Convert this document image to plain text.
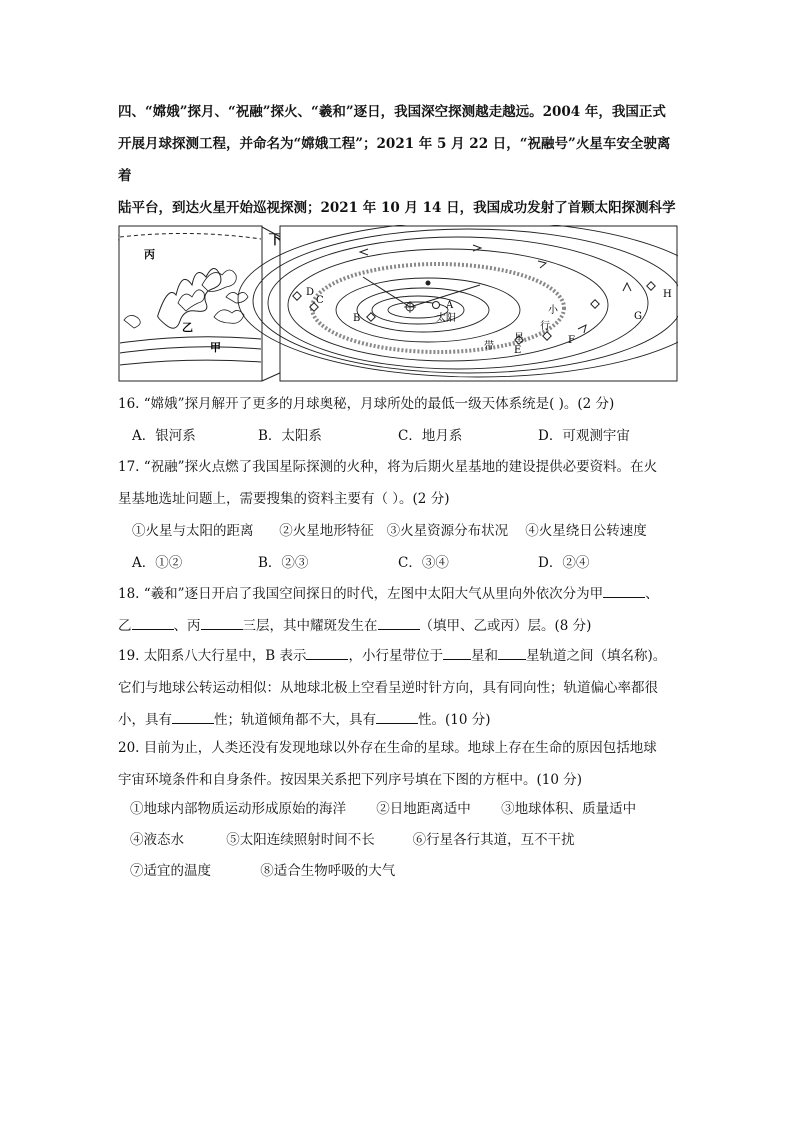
四、“嫦娥”探月、“祝融”探火、“羲和”逐日，我国深空探测越走越远。2004 年，我国正式

开展月球探测工程，并命名为“嫦娥工程”；2021 年 5 月 22 日，“祝融号”火星车安全驶离着

陆平台，到达火星开始巡视探测；2021 年 10 月 14 日，我国成功发射了首颗太阳探测科学

丙
乙
甲
A
太阳
B
C
D
E
F
G
H
小
行
星
带

16. “嫦娥”探月解开了更多的月球奥秘，月球所处的最低一级天体系统是( )。(2 分)

A．银河系	B．太阳系	C．地月系	D．可观测宇宙

17. “祝融”探火点燃了我国星际探测的火种，将为后期火星基地的建设提供必要资料。在火

星基地选址问题上，需要搜集的资料主要有（ ）。(2 分)

①火星与太阳的距离      ②火星地形特征   ③火星资源分布状况    ④火星绕日公转速度

A．①②	B．②③	C．③④	D．②④

18. “羲和”逐日开启了我国空间探日的时代，左图中太阳大气从里向外依次分为甲	、

乙	、丙	三层，其中耀斑发生在	（填甲、乙或丙）层。(8 分)

19. 太阳系八大行星中，B 表示	，小行星带位于 星和 星轨道之间（填名称)。

它们与地球公转运动相似：从地球北极上空看呈逆时针方向，具有同向性；轨道偏心率都很

小，具有	性；轨道倾角都不大，具有	性。(10 分)

20. 目前为止，人类还没有发现地球以外存在生命的星球。地球上存在生命的原因包括地球

宇宙环境条件和自身条件。按因果关系把下列序号填在下图的方框中。(10 分)

①地球内部物质运动形成原始的海洋 ②日地距离适中 ③地球体积、质量适中
④液态水	⑤太阳连续照射时间不长	⑥行星各行其道，互不干扰
⑦适宜的温度	⑧适合生物呼吸的大气
